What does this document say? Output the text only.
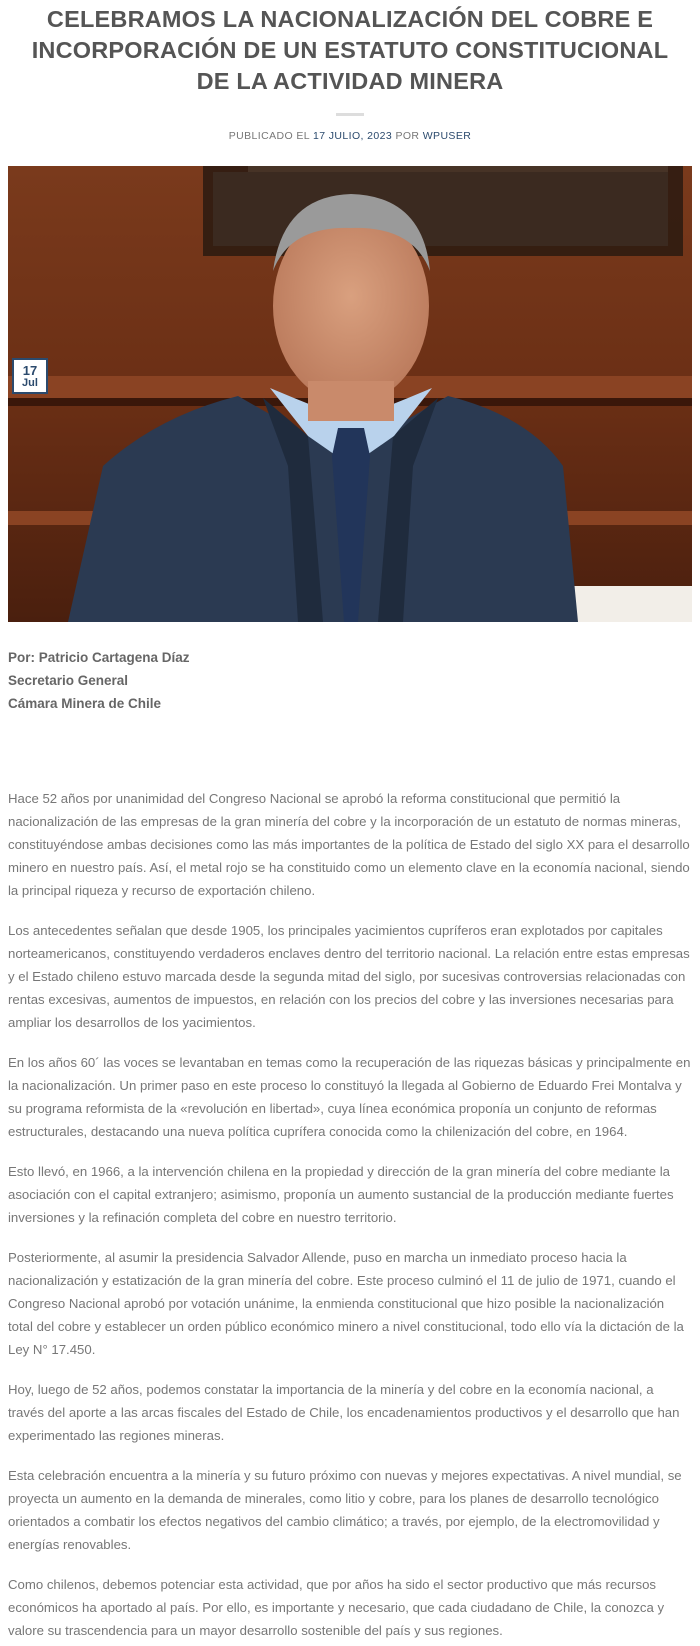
CELEBRAMOS LA NACIONALIZACIÓN DEL COBRE E INCORPORACIÓN DE UN ESTATUTO CONSTITUCIONAL DE LA ACTIVIDAD MINERA
PUBLICADO EL 17 JULIO, 2023 POR WPUSER
17
Jul
Por: Patricio Cartagena Díaz
Secretario General
Cámara Minera de Chile

Hace 52 años por unanimidad del Congreso Nacional se aprobó la reforma constitucional que permitió la nacionalización de las empresas de la gran minería del cobre y la incorporación de un estatuto de normas mineras, constituyéndose ambas decisiones como las más importantes de la política de Estado del siglo XX para el desarrollo minero en nuestro país. Así, el metal rojo se ha constituido como un elemento clave en la economía nacional, siendo la principal riqueza y recurso de exportación chileno.

Los antecedentes señalan que desde 1905, los principales yacimientos cupríferos eran explotados por capitales norteamericanos, constituyendo verdaderos enclaves dentro del territorio nacional. La relación entre estas empresas y el Estado chileno estuvo marcada desde la segunda mitad del siglo, por sucesivas controversias relacionadas con rentas excesivas, aumentos de impuestos, en relación con los precios del cobre y las inversiones necesarias para ampliar los desarrollos de los yacimientos.

En los años 60´ las voces se levantaban en temas como la recuperación de las riquezas básicas y principalmente en la nacionalización. Un primer paso en este proceso lo constituyó la llegada al Gobierno de Eduardo Frei Montalva y su programa reformista de la «revolución en libertad», cuya línea económica proponía un conjunto de reformas estructurales, destacando una nueva política cuprífera conocida como la chilenización del cobre, en 1964.

Esto llevó, en 1966, a la intervención chilena en la propiedad y dirección de la gran minería del cobre mediante la asociación con el capital extranjero; asimismo, proponía un aumento sustancial de la producción mediante fuertes inversiones y la refinación completa del cobre en nuestro territorio.

Posteriormente, al asumir la presidencia Salvador Allende, puso en marcha un inmediato proceso hacia la nacionalización y estatización de la gran minería del cobre. Este proceso culminó el 11 de julio de 1971, cuando el Congreso Nacional aprobó por votación unánime, la enmienda constitucional que hizo posible la nacionalización total del cobre y establecer un orden público económico minero a nivel constitucional, todo ello vía la dictación de la Ley N° 17.450.

Hoy, luego de 52 años, podemos constatar la importancia de la minería y del cobre en la economía nacional, a través del aporte a las arcas fiscales del Estado de Chile, los encadenamientos productivos y el desarrollo que han experimentado las regiones mineras.

Esta celebración encuentra a la minería y su futuro próximo con nuevas y mejores expectativas. A nivel mundial, se proyecta un aumento en la demanda de minerales, como litio y cobre, para los planes de desarrollo tecnológico orientados a combatir los efectos negativos del cambio climático; a través, por ejemplo, de la electromovilidad y energías renovables.

Como chilenos, debemos potenciar esta actividad, que por años ha sido el sector productivo que más recursos económicos ha aportado al país. Por ello, es importante y necesario, que cada ciudadano de Chile, la conozca y valore su trascendencia para un mayor desarrollo sostenible del país y sus regiones.
